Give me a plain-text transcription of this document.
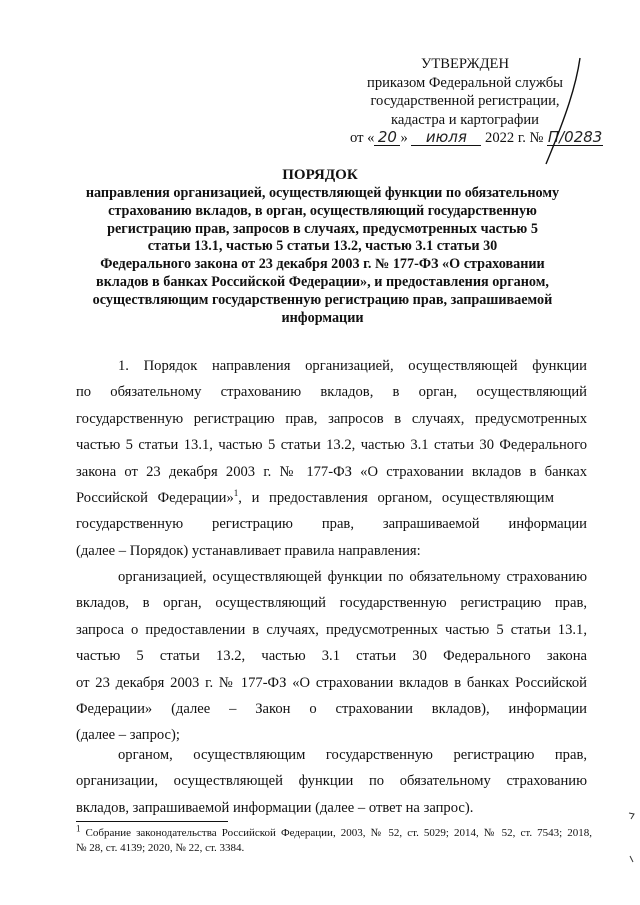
УТВЕРЖДЕН
приказом Федеральной службы
государственной регистрации,
кадастра и картографии
от « 20 » июля 2022 г. № П/0283
ПОРЯДОК
направления организацией, осуществляющей функции по обязательному
страхованию вкладов, в орган, осуществляющий государственную
регистрацию прав, запросов в случаях, предусмотренных частью 5
статьи 13.1, частью 5 статьи 13.2, частью 3.1 статьи 30
Федерального закона от 23 декабря 2003 г. № 177-ФЗ «О страховании
вкладов в банках Российской Федерации», и предоставления органом,
осуществляющим государственную регистрацию прав, запрашиваемой
информации
1. Порядок направления организацией, осуществляющей функции
по обязательному страхованию вкладов, в орган, осуществляющий
государственную регистрацию прав, запросов в случаях, предусмотренных
частью 5 статьи 13.1, частью 5 статьи 13.2, частью 3.1 статьи 30 Федерального
закона от 23 декабря 2003 г. № 177-ФЗ «О страховании вкладов в банках
Российской Федерации»$^1$, и предоставления органом, осуществляющим
государственную регистрацию прав, запрашиваемой информации
(далее – Порядок) устанавливает правила направления:
организацией, осуществляющей функции по обязательному страхованию
вкладов, в орган, осуществляющий государственную регистрацию прав,
запроса о предоставлении в случаях, предусмотренных частью 5 статьи 13.1,
частью 5 статьи 13.2, частью 3.1 статьи 30 Федерального закона
от 23 декабря 2003 г. № 177-ФЗ «О страховании вкладов в банках Российской
Федерации» (далее – Закон о страховании вкладов), информации
(далее – запрос);
органом, осуществляющим государственную регистрацию прав,
организации, осуществляющей функции по обязательному страхованию
вкладов, запрашиваемой информации (далее – ответ на запрос).
$^1$ Собрание законодательства Российской Федерации, 2003, № 52, ст. 5029; 2014, № 52, ст. 7543; 2018,
№ 28, ст. 4139; 2020, № 22, ст. 3384.
